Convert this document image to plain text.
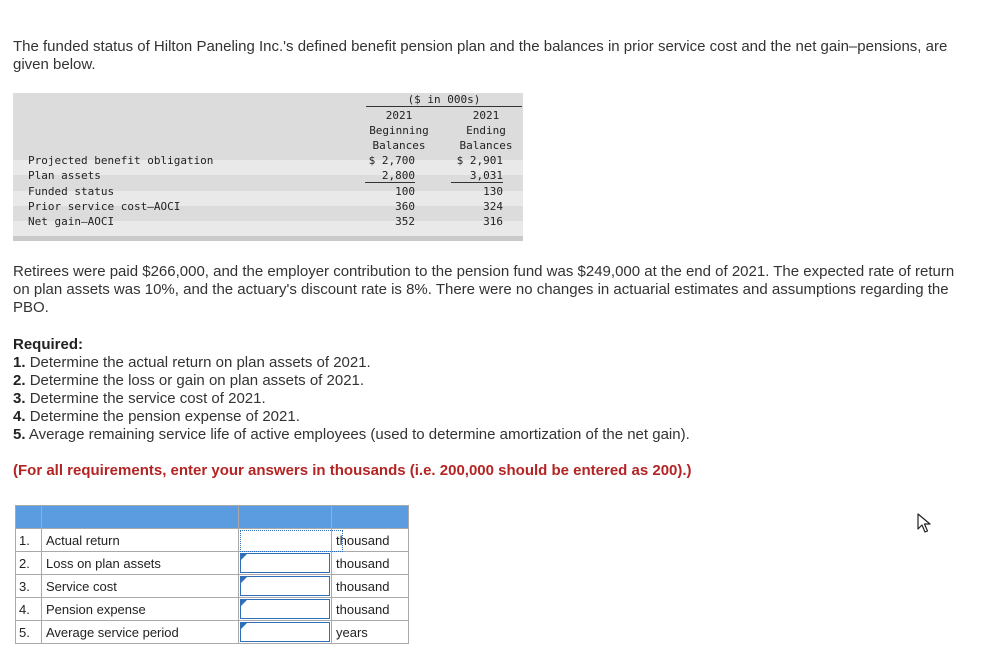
The funded status of Hilton Paneling Inc.'s defined benefit pension plan and the balances in prior service cost and the net gain–pensions, are given below.
($ in 000s)
2021
Beginning
Balances
2021
Ending
Balances
Projected benefit obligation	$ 2,700	$ 2,901
Plan assets	2,800	3,031
Funded status	100	130
Prior service cost–AOCI	360	324
Net gain–AOCI	352	316
Retirees were paid $266,000, and the employer contribution to the pension fund was $249,000 at the end of 2021. The expected rate of return on plan assets was 10%, and the actuary's discount rate is 8%. There were no changes in actuarial estimates and assumptions regarding the PBO.
Required:
1. Determine the actual return on plan assets of 2021.
2. Determine the loss or gain on plan assets of 2021.
3. Determine the service cost of 2021.
4. Determine the pension expense of 2021.
5. Average remaining service life of active employees (used to determine amortization of the net gain).
(For all requirements, enter your answers in thousands (i.e. 200,000 should be entered as 200).)

1.	Actual return		thousand
2.	Loss on plan assets		thousand
3.	Service cost		thousand
4.	Pension expense		thousand
5.	Average service period		years
